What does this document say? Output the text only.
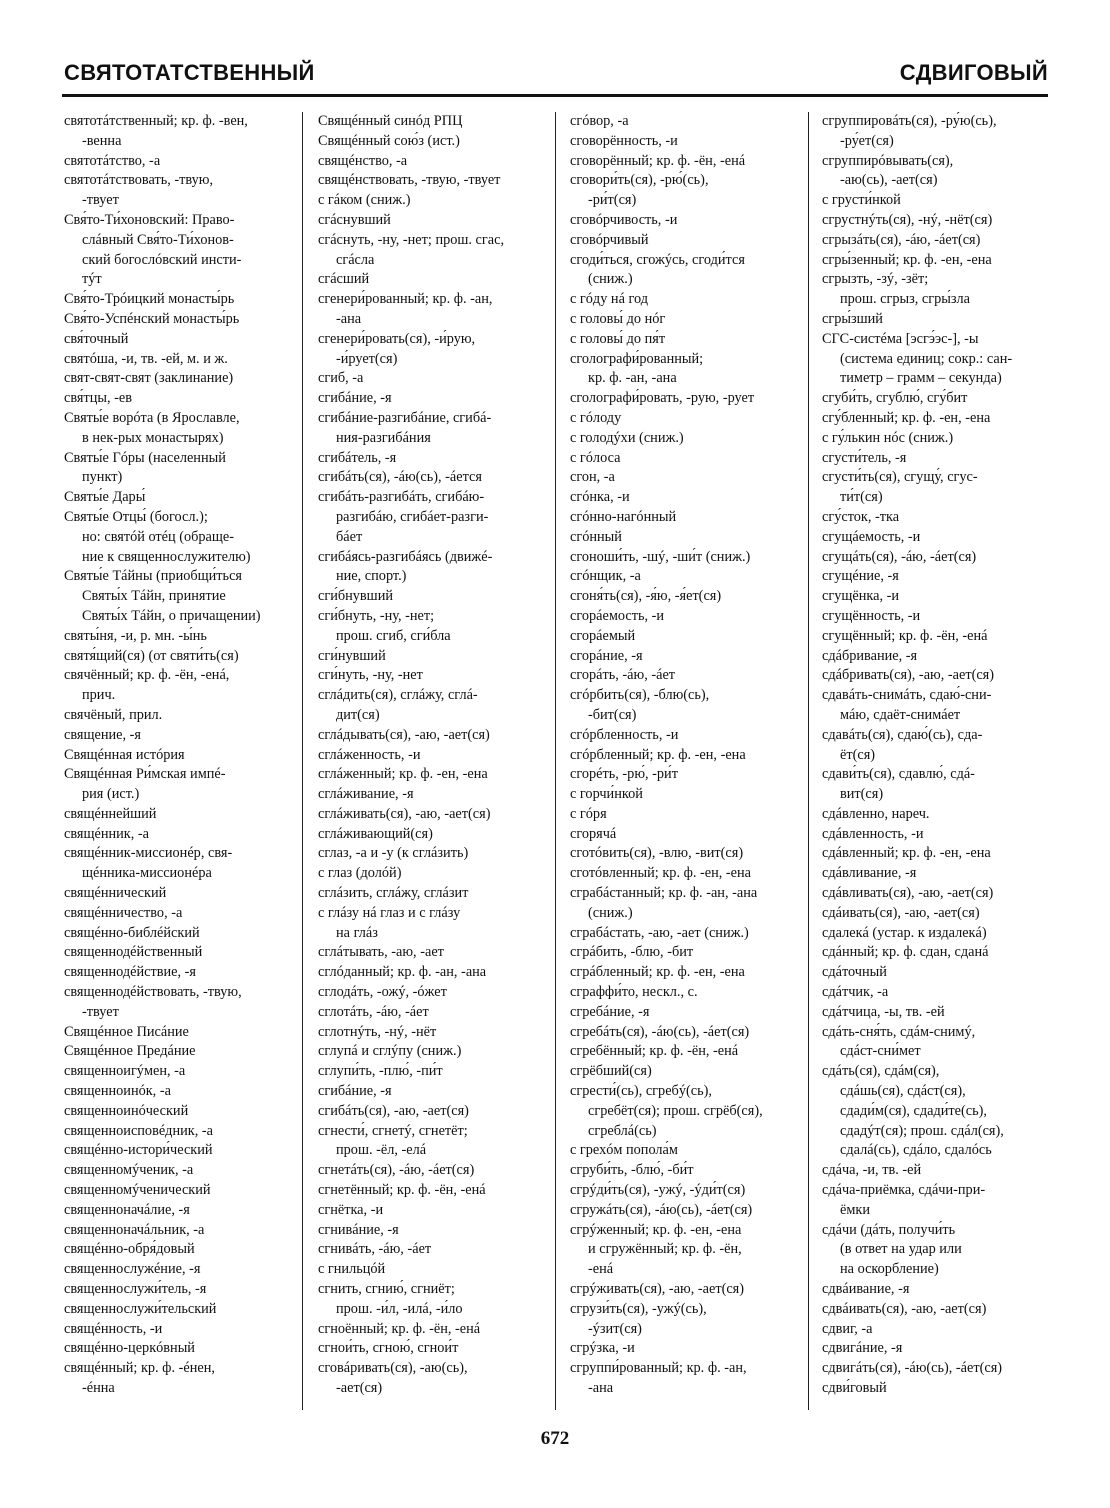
СВЯТОТАТСТВЕННЫЙ	СДВИГОВЫЙ
святотáтственный; кр. ф. -вен,
-венна
святотáтство, -а
святотáтствовать, -твую,
-твует
Свя́то-Ти́хоновский: Право-
слáвный Свя́то-Ти́хонов-
ский богослóвский инсти-
тýт
Свя́то-Трóицкий монасты́рь
Свя́то-Успéнский монасты́рь
свя́точный
святóша, -и, тв. -ей, м. и ж.
свят-свят-свят (заклинание)
свя́тцы, -ев
Святы́е ворóта (в Ярославле,
в нек-рых монастырях)
Святы́е Гóры (населенный
пункт)
Святы́е Дары́
Святы́е Отцы́ (богосл.);
но: святóй отéц (обраще-
ние к священнослужителю)
Святы́е Тáйны (приобщи́ться
Святы́х Тáйн, принятие
Святы́х Тáйн, о причащении)
святы́ня, -и, р. мн. -ы́нь
святя́щий(ся) (от святи́ть(ся)
свячённый; кр. ф. -ён, -енá,
прич.
свячёный, прил.
священие, -я
Свящéнная истóрия
Свящéнная Ри́мская импé-
рия (ист.)
свящéннейший
свящéнник, -а
свящéнник-миссионéр, свя-
щéнника-миссионéра
свящéннический
свящéнничество, -а
свящéнно-библéйский
священнодéйственный
священнодéйствие, -я
священнодéйствовать, -твую,
-твует
Свящéнное Писáние
Свящéнное Предáние
священноигýмен, -а
священноинóк, -а
священноинóческий
священноисповéдник, -а
свящéнно-истори́ческий
священномýченик, -а
священномýченический
священноначáлие, -я
священноначáльник, -а
свящéнно-обря́довый
священнослужéние, -я
священнослужи́тель, -я
священнослужи́тельский
свящéнность, -и
свящéнно-церкóвный
свящéнный; кр. ф. -éнен,
-éнна
Свящéнный синóд РПЦ
Свящéнный сою́з (ист.)
свящéнство, -а
свящéнствовать, -твую, -твует
с гáком (сниж.)
сгáснувший
сгáснуть, -ну, -нет; прош. сгас,
сгáсла
сгáсший
сгенери́рованный; кр. ф. -ан,
-ана
сгенери́ровать(ся), -и́рую,
-и́рует(ся)
сгиб, -а
сгибáние, -я
сгибáние-разгибáние, сгибá-
ния-разгибáния
сгибáтель, -я
сгибáть(ся), -áю(сь), -áется
сгибáть-разгибáть, сгибáю-
разгибáю, сгибáет-разги-
бáет
сгибáясь-разгибáясь (движé-
ние, спорт.)
сги́бнувший
сги́бнуть, -ну, -нет;
прош. сгиб, сги́бла
сги́нувший
сги́нуть, -ну, -нет
сглáдить(ся), сглáжу, сглá-
дит(ся)
сглáдывать(ся), -аю, -ает(ся)
сглáженность, -и
сглáженный; кр. ф. -ен, -ена
сглáживание, -я
сглáживать(ся), -аю, -ает(ся)
сглáживающий(ся)
сглаз, -а и -у (к сглáзить)
с глаз (долóй)
сглáзить, сглáжу, сглáзит
с глáзу нá глаз и с глáзу
на глáз
сглáтывать, -аю, -ает
сглóданный; кр. ф. -ан, -ана
сглодáть, -ожý, -óжет
сглотáть, -áю, -áет
сглотнýть, -нý, -нёт
сглупá и сглýпу (сниж.)
сглупи́ть, -плю́, -пи́т
сгибáние, -я
сгибáть(ся), -аю, -ает(ся)
сгнести́, сгнетý, сгнетёт;
прош. -ёл, -елá
сгнетáть(ся), -áю, -áет(ся)
сгнетённый; кр. ф. -ён, -енá
сгнётка, -и
сгнивáние, -я
сгнивáть, -áю, -áет
с гнильцóй
сгнить, сгнию́, сгниёт;
прош. -и́л, -илá, -и́ло
сгноённый; кр. ф. -ён, -енá
сгнои́ть, сгною́, сгнои́т
сговáривать(ся), -аю(сь),
-ает(ся)
сгóвор, -а
сговорённость, -и
сговорённый; кр. ф. -ён, -енá
сговори́ть(ся), -рю́(сь),
-ри́т(ся)
сговóрчивость, -и
сговóрчивый
сгоди́ться, сгожýсь, сгоди́тся
(сниж.)
с гóду нá год
с головы́ до нóг
с головы́ до пя́т
сголографи́рованный;
кр. ф. -ан, -ана
сголографи́ровать, -рую, -рует
с гóлоду
с голодýхи (сниж.)
с гóлоса
сгон, -а
сгóнка, -и
сгóнно-нагóнный
сгóнный
сгоноши́ть, -шý, -ши́т (сниж.)
сгóнщик, -а
сгоня́ть(ся), -я́ю, -я́ет(ся)
сгорáемость, -и
сгорáемый
сгорáние, -я
сгорáть, -áю, -áет
сгóрбить(ся), -блю(сь),
-бит(ся)
сгóрбленность, -и
сгóрбленный; кр. ф. -ен, -ена
сгорéть, -рю́, -ри́т
с горчи́нкой
с гóря
сгорячá
сготóвить(ся), -влю, -вит(ся)
сготóвленный; кр. ф. -ен, -ена
сграбáстанный; кр. ф. -ан, -ана
(сниж.)
сграбáстать, -аю, -ает (сниж.)
сгрáбить, -блю, -бит
сгрáбленный; кр. ф. -ен, -ена
сграффи́то, нескл., с.
сгребáние, -я
сгребáть(ся), -áю(сь), -áет(ся)
сгребённый; кр. ф. -ён, -енá
сгрёбший(ся)
сгрести́(сь), сгребý(сь),
сгребёт(ся); прош. сгрёб(ся),
сгреблá(сь)
с грехóм попола́м
сгруби́ть, -блю́, -би́т
сгрýди́ть(ся), -ужý, -ýди́т(ся)
сгружáть(ся), -áю(сь), -áет(ся)
сгрýженный; кр. ф. -ен, -ена
и сгружённый; кр. ф. -ён,
-енá
сгрýживать(ся), -аю, -ает(ся)
сгрузи́ть(ся), -ужý(сь),
-ýзит(ся)
сгрýзка, -и
сгруппи́рованный; кр. ф. -ан,
-ана
сгруппировáть(ся), -ру́ю(сь),
-ру́ет(ся)
сгруппирóвывать(ся),
-аю(сь), -ает(ся)
с грусти́нкой
сгрустнýть(ся), -нý, -нёт(ся)
сгрызáть(ся), -áю, -áет(ся)
сгры́зенный; кр. ф. -ен, -ена
сгрызть, -зý, -зёт;
прош. сгрыз, сгры́зла
сгры́зший
СГС-систéма [эсгэ́эс-], -ы
(система единиц; сокр.: сан-
тиметр – грамм – секунда)
сгуби́ть, сгублю́, сгу́бит
сгу́бленный; кр. ф. -ен, -ена
с гу́лькин нóс (сниж.)
сгусти́тель, -я
сгусти́ть(ся), сгущу́, сгус-
ти́т(ся)
сгу́сток, -тка
сгущáемость, -и
сгущáть(ся), -áю, -áет(ся)
сгущéние, -я
сгущёнка, -и
сгущённость, -и
сгущённый; кр. ф. -ён, -енá
сдáбривание, -я
сдáбривать(ся), -аю, -ает(ся)
сдавáть-снимáть, сдаю́-сни-
мáю, сдаёт-снимáет
сдавáть(ся), сдаю́(сь), сда-
ёт(ся)
сдави́ть(ся), сдавлю́, сдá-
вит(ся)
сдáвленно, нареч.
сдáвленность, -и
сдáвленный; кр. ф. -ен, -ена
сдáвливание, -я
сдáвливать(ся), -аю, -ает(ся)
сдáивать(ся), -аю, -ает(ся)
сдалекá (устар. к издалекá)
сдáнный; кр. ф. сдан, сданá
сдáточный
сдáтчик, -а
сдáтчица, -ы, тв. -ей
сдáть-сня́ть, сдáм-снимý,
сдáст-сни́мет
сдáть(ся), сдáм(ся),
сдáшь(ся), сдáст(ся),
сдади́м(ся), сдади́те(сь),
сдадýт(ся); прош. сдáл(ся),
сдалá(сь), сдáло, сдалóсь
сдáча, -и, тв. -ей
сдáча-приёмка, сдáчи-при-
ёмки
сдáчи (дáть, получи́ть
(в ответ на удар или
на оскорбление)
сдвáивание, -я
сдвáивать(ся), -аю, -ает(ся)
сдвиг, -а
сдвигáние, -я
сдвигáть(ся), -áю(сь), -áет(ся)
сдви́говый
672
